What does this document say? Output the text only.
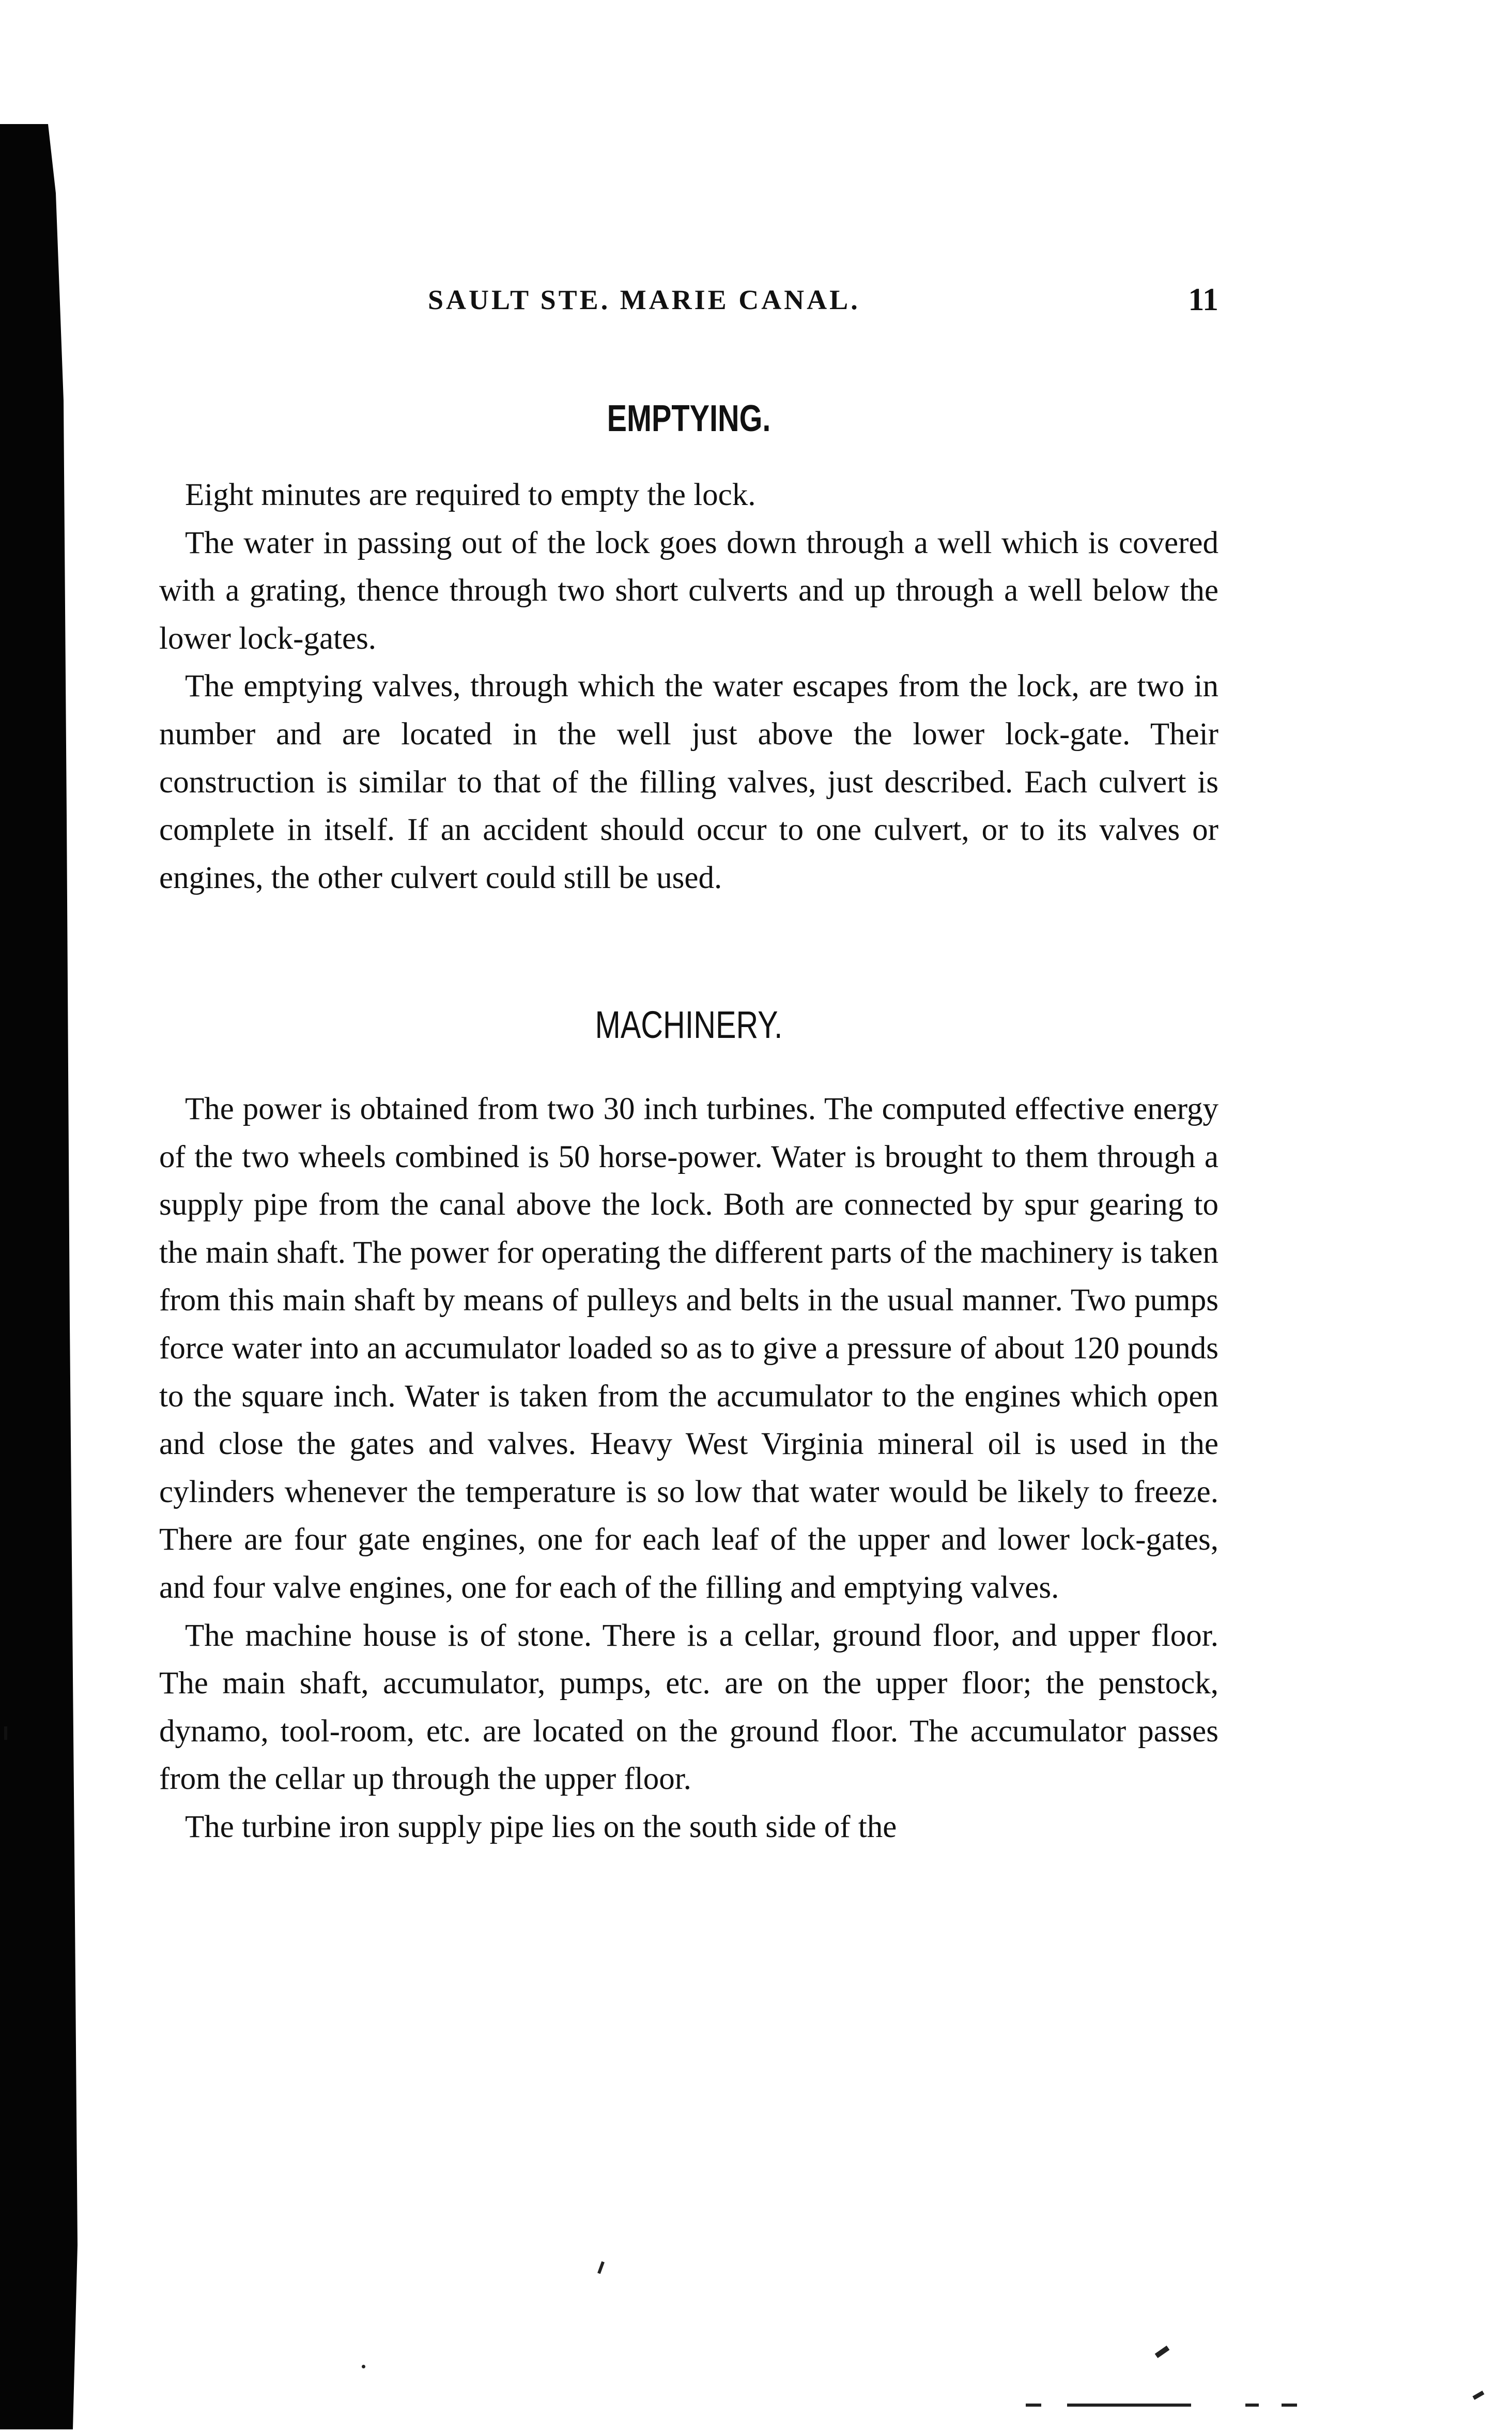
SAULT STE. MARIE CANAL.	11
EMPTYING.

Eight minutes are required to empty the lock.

The water in passing out of the lock goes down through a well which is covered with a grating, thence through two short culverts and up through a well below the lower lock-gates.

The emptying valves, through which the water escapes from the lock, are two in number and are located in the well just above the lower lock-gate. Their construction is similar to that of the filling valves, just described. Each culvert is complete in itself. If an accident should occur to one culvert, or to its valves or engines, the other culvert could still be used.

MACHINERY.

The power is obtained from two 30 inch turbines. The computed effective energy of the two wheels combined is 50 horse-power. Water is brought to them through a supply pipe from the canal above the lock. Both are connected by spur gearing to the main shaft. The power for operating the different parts of the machinery is taken from this main shaft by means of pulleys and belts in the usual manner. Two pumps force water into an accumulator loaded so as to give a pressure of about 120 pounds to the square inch. Water is taken from the accumulator to the engines which open and close the gates and valves. Heavy West Virginia mineral oil is used in the cylinders whenever the temperature is so low that water would be likely to freeze. There are four gate engines, one for each leaf of the upper and lower lock-gates, and four valve engines, one for each of the filling and emptying valves.

The machine house is of stone. There is a cellar, ground floor, and upper floor. The main shaft, accumulator, pumps, etc. are on the upper floor; the penstock, dynamo, tool-room, etc. are located on the ground floor. The accumulator passes from the cellar up through the upper floor.

The turbine iron supply pipe lies on the south side of the
